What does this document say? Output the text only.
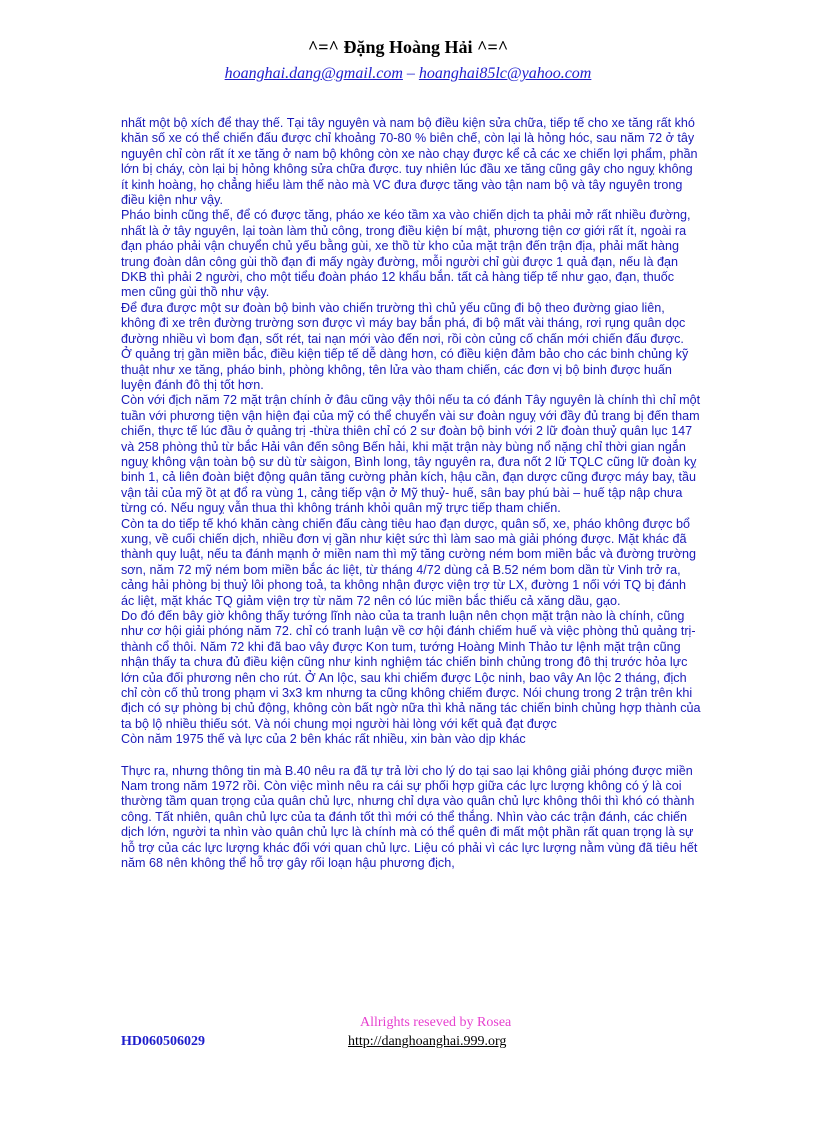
^=^ Đặng Hoàng Hải ^=^
hoanghai.dang@gmail.com – hoanghai85lc@yahoo.com

nhất một bộ xích để thay thế. Tại tây nguyên và nam bộ điều kiện sửa chữa, tiếp tế cho xe tăng rất khó khăn số xe có thể chiến đấu được chỉ khoảng 70-80 % biên chế, còn lại là hỏng hóc, sau năm 72 ở tây nguyên chỉ còn rất ít xe tăng ở nam bộ không còn xe nào chạy được kể cả các xe chiến lợi phẩm, phần lớn bị cháy, còn lại bị hỏng không sửa chữa được. tuy nhiên lúc đầu xe tăng cũng gây cho nguỵ không ít kinh hoàng, họ chẳng hiểu làm thế nào mà VC đưa được tăng vào tận nam bộ và tây nguyên trong điều kiện như vậy.

Pháo binh cũng thế, để có được tăng, pháo xe kéo tầm xa vào chiến dịch ta phải mở rất nhiều đường, nhất là ở tây nguyên, lại toàn làm thủ công, trong điều kiện bí mật, phương tiện cơ giới rất ít, ngoài ra đạn pháo phải vận chuyển chủ yếu bằng gùi, xe thồ từ kho của mặt trận đến trận địa, phải mất hàng trung đoàn dân công gùi thồ đạn đi mấy ngày đường, mỗi người chỉ gùi được 1 quả đạn, nếu là đạn DKB thì phải 2 người, cho một tiểu đoàn pháo 12 khẩu bắn. tất cả hàng tiếp tế như gạo, đạn, thuốc men cũng gùi thồ như vậy.

Để đưa được một sư đoàn bộ binh vào chiến trường thì chủ yếu cũng đi bộ theo đường giao liên, không đi xe trên đường trường sơn được vì máy bay bắn phá, đi bộ mất vài tháng, rơi rụng quân dọc đường nhiều vì bom đạn, sốt rét, tai nạn mới vào đến nơi, rồi còn củng cố chấn mới chiến đấu được.

Ở quảng trị gần miền bắc, điều kiện tiếp tế dễ dàng hơn, có điều kiện đảm bảo cho các binh chủng kỹ thuật như xe tăng, pháo binh, phòng không, tên lửa vào tham chiến, các đơn vị bộ binh được huấn luyện đánh đô thị tốt hơn.

Còn với địch năm 72 mặt trận chính ở đâu cũng vậy thôi nếu ta có đánh Tây nguyên là chính thì chỉ một tuần với phương tiện vận hiện đại của mỹ có thể chuyển vài sư đoàn nguỵ với đầy đủ trang bị đến tham chiến, thực tế lúc đầu ở quảng trị -thừa thiên chỉ có 2 sư đoàn bộ binh với 2 lữ đoàn thuỷ quân lục 147 và 258 phòng thủ từ bắc Hải vân đến sông Bến hải, khi mặt trận này bùng nổ nặng chỉ thời gian ngắn nguỵ không vận toàn bộ sư dù từ sàigon, Bình long, tây nguyên ra, đưa nốt 2 lữ TQLC cũng lữ đoàn kỵ binh 1, cả liên đoàn biệt động quân tăng cường phản kích, hậu cần, đạn dược cũng được máy bay, tầu vận tải của mỹ ồt ạt đổ ra vùng 1, cảng tiếp vận ở Mỹ thuỷ- huế, sân bay phú bài – huế tập nập chưa từng có. Nếu nguỵ vẫn thua thì không tránh khỏi quân mỹ trực tiếp tham chiến.

Còn ta do tiếp tế khó khăn càng chiến đấu càng tiêu hao đạn dược, quân số, xe, pháo không được bổ xung, về cuối chiến dịch, nhiều đơn vị gần như kiệt sức thì làm sao mà giải phóng được. Mặt khác đã thành quy luật, nếu ta đánh mạnh ở miền nam thì mỹ tăng cường ném bom miền bắc và đường trường sơn, năm 72 mỹ ném bom miền bắc ác liệt, từ tháng 4/72 dùng cả B.52 ném bom dần từ Vinh trở ra, cảng hải phòng bị thuỷ lôi phong toả, ta không nhận được viện trợ từ LX, đường 1 nối với TQ bị đánh ác liệt, mặt khác TQ giảm viện trợ từ năm 72 nên có lúc miền bắc thiếu cả xăng dầu, gạo.

Do đó đến bây giờ không thấy tướng lĩnh nào của ta tranh luận nên chọn mặt trận nào là chính, cũng như cơ hội giải phóng năm 72. chỉ có tranh luận về cơ hội đánh chiếm huế và việc phòng thủ quảng trị-thành cổ thôi. Năm 72 khi đã bao vây được Kon tum, tướng Hoàng Minh Thảo tư lệnh mặt trận cũng nhận thấy ta chưa đủ điều kiện cũng như kinh nghiệm tác chiến binh chủng trong đô thị trước hỏa lực lớn của đối phương nên cho rút. Ở An lộc, sau khi chiếm được Lộc ninh, bao vây An lộc 2 tháng, địch chỉ còn cố thủ trong phạm vi 3x3 km nhưng ta cũng không chiếm được. Nói chung trong 2 trận trên khi địch có sự phòng bị chủ động, không còn bất ngờ nữa thì khả năng tác chiến binh chủng hợp thành của ta bộ lộ nhiều thiếu sót. Và nói chung mọi người hài lòng với kết quả đạt được

Còn năm 1975 thế và lực của 2 bên khác rất nhiều, xin bàn vào dịp khác

Thực ra, nhưng thông tin mà B.40 nêu ra đã tự trả lời cho lý do tại sao lại không giải phóng được miền Nam trong năm 1972 rồi. Còn việc mình nêu ra cái sự phối hợp giữa các lực lượng không có ý là coi thường tầm quan trọng của quân chủ lực, nhưng chỉ dựa vào quân chủ lực không thôi thì khó có thành công. Tất nhiên, quân chủ lực của ta đánh tốt thì mới có thể thắng. Nhìn vào các trận đánh, các chiến dịch lớn, người ta nhìn vào quân chủ lực là chính mà có thể quên đi mất một phần rất quan trọng là sự hỗ trợ của các lực lượng khác đối với quan chủ lực. Liệu có phải vì các lực lượng nằm vùng đã tiêu hết năm 68 nên không thể hỗ trợ gây rối loạn hậu phương địch,

Allrights reseved by Rosea
HD060506029	http://danghoanghai.999.org
